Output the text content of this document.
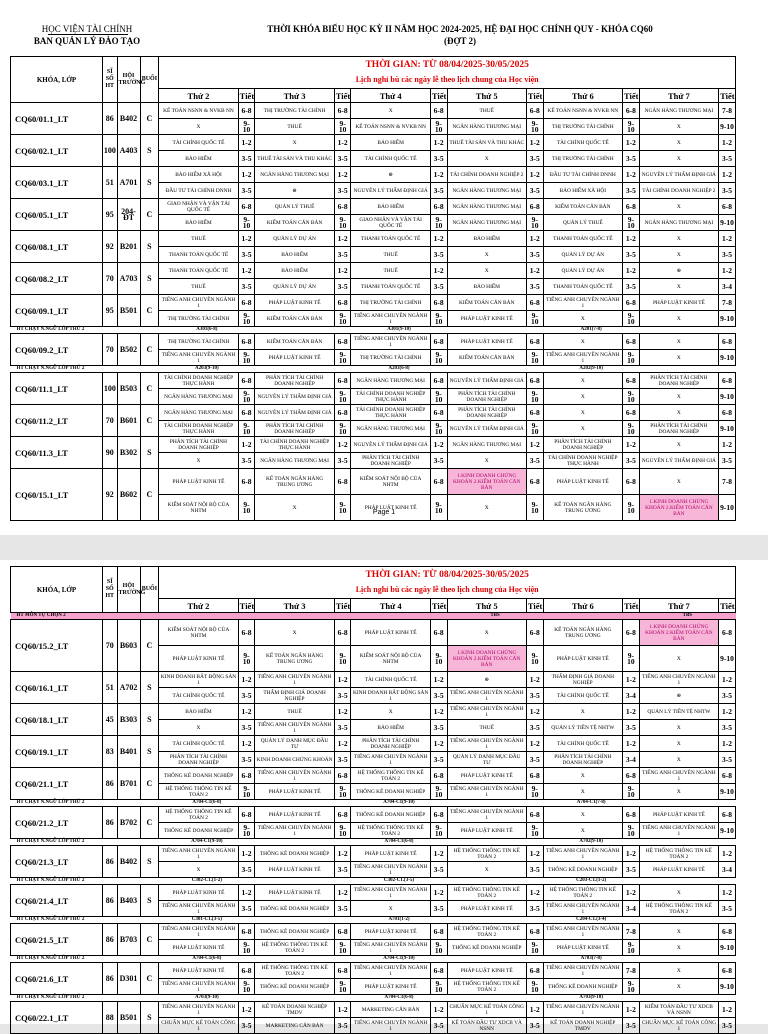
HỌC VIỆN TÀI CHÍNH
BAN QUẢN LÝ ĐÀO TẠO
THỜI KHÓA BIỂU HỌC KỲ II NĂM HỌC 2024-2025, HỆ ĐẠI HỌC CHÍNH QUY - KHÓA CQ60
(ĐỢT 2)
KHÓA, LỚP	SĨ SỐ HT	HỘI TRƯỜNG	BUỔI	THỜI GIAN: TỪ 08/04/2025-30/05/2025											
				Lịch nghỉ bù các ngày lễ theo lịch chung của Học viện											
				Thứ 2	Tiết	Thứ 3	Tiết	Thứ 4	Tiết	Thứ 5	Tiết	Thứ 6	Tiết	Thứ 7	Tiết
CQ60/01.1_LT	86	B402	C	KẾ TOÁN NSNN & NVKB NN	6-8	THỊ TRƯỜNG TÀI CHÍNH	6-8	X	6-8	THUẾ	6-8	KẾ TOÁN NSNN & NVKB NN	6-8	NGÂN HÀNG THƯƠNG MẠI	7-8
				X	9-10	THUẾ	9-10	KẾ TOÁN NSNN & NVKB NN	9-10	NGÂN HÀNG THƯƠNG MẠI	9-10	THỊ TRƯỜNG TÀI CHÍNH	9-10	X	9-10
CQ60/02.1_LT	100	A403	S	TÀI CHÍNH QUỐC TẾ	1-2	X	1-2	BẢO HIỂM	1-2	THUẾ TÀI SẢN VÀ THU KHÁC	1-2	TÀI CHÍNH QUỐC TẾ	1-2	X	1-2
				BẢO HIỂM	3-5	THUẾ TÀI SẢN VÀ THU KHÁC	3-5	TÀI CHÍNH QUỐC TẾ	3-5	X	3-5	THỊ TRƯỜNG TÀI CHÍNH	3-5	X	3-5
CQ60/03.1_LT	51	A701	S	BẢO HIỂM XÃ HỘI	1-2	NGÂN HÀNG THƯƠNG MẠI	1-2	⊛	1-2	TÀI CHÍNH DOANH NGHIỆP 2	1-2	ĐẦU TƯ TÀI CHÍNH DNNH	1-2	NGUYÊN LÝ THẨM ĐỊNH GIÁ	1-2
				ĐẦU TƯ TÀI CHÍNH DNNH	3-5	⊛	3-5	NGUYÊN LÝ THẨM ĐỊNH GIÁ	3-5	NGÂN HÀNG THƯƠNG MẠI	3-5	BẢO HIỂM XÃ HỘI	3-5	TÀI CHÍNH DOANH NGHIỆP 2	3-5
CQ60/05.1_LT	95	204-ĐT	C	GIAO NHẬN VÀ VẬN TẢI QUỐC TẾ	6-8	QUẢN LÝ THUẾ	6-8	BẢO HIỂM	6-8	NGÂN HÀNG THƯƠNG MẠI	6-8	KIỂM TOÁN CĂN BẢN	6-8	X	6-8
				BẢO HIỂM	9-10	KIỂM TOÁN CĂN BẢN	9-10	GIAO NHẬN VÀ VẬN TẢI QUỐC TẾ	9-10	NGÂN HÀNG THƯƠNG MẠI	9-10	QUẢN LÝ THUẾ	9-10	NGÂN HÀNG THƯƠNG MẠI	9-10
CQ60/08.1_LT	92	B201	S	THUẾ	1-2	QUẢN LÝ DỰ ÁN	1-2	THANH TOÁN QUỐC TẾ	1-2	BẢO HIỂM	1-2	THANH TOÁN QUỐC TẾ	1-2	X	1-2
				THANH TOÁN QUỐC TẾ	3-5	BẢO HIỂM	3-5	THUẾ	3-5	X	3-5	QUẢN LÝ DỰ ÁN	3-5	X	3-5
CQ60/08.2_LT	70	A703	S	THANH TOÁN QUỐC TẾ	1-2	BẢO HIỂM	1-2	THUẾ	1-2	X	1-2	QUẢN LÝ DỰ ÁN	1-2	⊛	1-2
				THUẾ	3-5	QUẢN LÝ DỰ ÁN	3-5	THANH TOÁN QUỐC TẾ	3-5	BẢO HIỂM	3-5	THANH TOÁN QUỐC TẾ	3-5	X	3-4
CQ60/09.1_LT	95	B501	C	TIẾNG ANH CHUYÊN NGÀNH 1	6-8	PHÁP LUẬT KINH TẾ	6-8	THỊ TRƯỜNG TÀI CHÍNH	6-8	KIỂM TOÁN CĂN BẢN	6-8	TIẾNG ANH CHUYÊN NGÀNH 1	6-8	PHÁP LUẬT KINH TẾ	7-8
				THỊ TRƯỜNG TÀI CHÍNH	9-10	KIỂM TOÁN CĂN BẢN	9-10	TIẾNG ANH CHUYÊN NGÀNH 1	9-10	PHÁP LUẬT KINH TẾ	9-10	X	9-10	X	9-10
HT CHẠY N.NGỮ LỚP THỨ 2				A301(6-8)				A301(9-10)				A201(7-8)			
CQ60/09.2_LT	70	B502	C	THỊ TRƯỜNG TÀI CHÍNH	6-8	KIỂM TOÁN CĂN BẢN	6-8	TIẾNG ANH CHUYÊN NGÀNH 1	6-8	PHÁP LUẬT KINH TẾ	6-8	X	6-8	X	6-8
				TIẾNG ANH CHUYÊN NGÀNH 1	9-10	PHÁP LUẬT KINH TẾ	9-10	THỊ TRƯỜNG TÀI CHÍNH	9-10	KIỂM TOÁN CĂN BẢN	9-10	TIẾNG ANH CHUYÊN NGÀNH 1	9-10	X	9-10
HT CHẠY N.NGỮ LỚP THỨ 2				A203(9-10)				A203(6-8)				A202(9-10)			
CQ60/11.1_LT	100	B503	C	TÀI CHÍNH DOANH NGHIỆP THỰC HÀNH	6-8	PHÂN TÍCH TÀI CHÍNH DOANH NGHIỆP	6-8	NGÂN HÀNG THƯƠNG MẠI	6-8	NGUYÊN LÝ THẨM ĐỊNH GIÁ	6-8	X	6-8	PHÂN TÍCH TÀI CHÍNH DOANH NGHIỆP	6-8
				NGÂN HÀNG THƯƠNG MẠI	9-10	NGUYÊN LÝ THẨM ĐỊNH GIÁ	9-10	TÀI CHÍNH DOANH NGHIỆP THỰC HÀNH	9-10	PHÂN TÍCH TÀI CHÍNH DOANH NGHIỆP	9-10	X	9-10	X	9-10
CQ60/11.2_LT	70	B601	C	NGÂN HÀNG THƯƠNG MẠI	6-8	NGUYÊN LÝ THẨM ĐỊNH GIÁ	6-8	TÀI CHÍNH DOANH NGHIỆP THỰC HÀNH	6-8	PHÂN TÍCH TÀI CHÍNH DOANH NGHIỆP	6-8	X	6-8	X	6-8
				TÀI CHÍNH DOANH NGHIỆP THỰC HÀNH	9-10	PHÂN TÍCH TÀI CHÍNH DOANH NGHIỆP	9-10	NGÂN HÀNG THƯƠNG MẠI	9-10	NGUYÊN LÝ THẨM ĐỊNH GIÁ	9-10	X	9-10	PHÂN TÍCH TÀI CHÍNH DOANH NGHIỆP	9-10
CQ60/11.3_LT	90	B302	S	PHÂN TÍCH TÀI CHÍNH DOANH NGHIỆP	1-2	TÀI CHÍNH DOANH NGHIỆP THỰC HÀNH	1-2	NGUYÊN LÝ THẨM ĐỊNH GIÁ	1-2	NGÂN HÀNG THƯƠNG MẠI	1-2	PHÂN TÍCH TÀI CHÍNH DOANH NGHIỆP	1-2	X	1-2
				X	3-5	NGÂN HÀNG THƯƠNG MẠI	3-5	PHÂN TÍCH TÀI CHÍNH DOANH NGHIỆP	3-5	X	3-5	TÀI CHÍNH DOANH NGHIỆP THỰC HÀNH	3-5	NGUYÊN LÝ THẨM ĐỊNH GIÁ	3-5
CQ60/15.1_LT	92	B602	C	PHÁP LUẬT KINH TẾ	6-8	KẾ TOÁN NGÂN HÀNG TRUNG ƯƠNG	6-8	KIỂM SOÁT NỘI BỘ CỦA NHTM	6-8	1.KINH DOANH CHỨNG KHOÁN 2.KIỂM TOÁN CĂN BẢN	6-8	PHÁP LUẬT KINH TẾ	6-8	X	7-8
				KIỂM SOÁT NỘI BỘ CỦA NHTM	9-10	X	9-10	PHÁP LUẬT KINH TẾ	9-10	X	9-10	KẾ TOÁN NGÂN HÀNG TRUNG ƯƠNG	9-10	1.KINH DOANH CHỨNG KHOÁN 2.KIỂM TOÁN CĂN BẢN	9-10
Page 1
KHÓA, LỚP	SĨ SỐ HT	HỘI TRƯỜNG	BUỔI	THỜI GIAN: TỪ 08/04/2025-30/05/2025											
				Lịch nghỉ bù các ngày lễ theo lịch chung của Học viện											
				Thứ 2	Tiết	Thứ 3	Tiết	Thứ 4	Tiết	Thứ 5	Tiết	Thứ 6	Tiết	Thứ 7	Tiết
HT MÔN TỰ CHỌN 2										TBS				TBS	
CQ60/15.2_LT	70	B603	C	KIỂM SOÁT NỘI BỘ CỦA NHTM	6-8	X	6-8	PHÁP LUẬT KINH TẾ	6-8	X	6-8	KẾ TOÁN NGÂN HÀNG TRUNG ƯƠNG	6-8	1.KINH DOANH CHỨNG KHOÁN 2.KIỂM TOÁN CĂN BẢN	6-8
				PHÁP LUẬT KINH TẾ	9-10	KẾ TOÁN NGÂN HÀNG TRUNG ƯƠNG	9-10	KIỂM SOÁT NỘI BỘ CỦA NHTM	9-10	1.KINH DOANH CHỨNG KHOÁN 2.KIỂM TOÁN CĂN BẢN	9-10	PHÁP LUẬT KINH TẾ	9-10	X	9-10
CQ60/16.1_LT	51	A702	S	KINH DOANH BẤT ĐỘNG SẢN 1	1-2	TIẾNG ANH CHUYÊN NGÀNH 1	1-2	TÀI CHÍNH QUỐC TẾ	1-2	⊛	1-2	THẨM ĐỊNH GIÁ DOANH NGHIỆP	1-2	TIẾNG ANH CHUYÊN NGÀNH 1	1-2
				TÀI CHÍNH QUỐC TẾ	3-5	THẨM ĐỊNH GIÁ DOANH NGHIỆP	3-5	KINH DOANH BẤT ĐỘNG SẢN 1	3-5	TIẾNG ANH CHUYÊN NGÀNH 1	3-5	TÀI CHÍNH QUỐC TẾ	3-4	⊛	3-5
CQ60/18.1_LT	45	B303	S	BẢO HIỂM	1-2	THUẾ	1-2	X	1-2	TIẾNG ANH CHUYÊN NGÀNH 1	1-2	X	1-2	QUẢN LÝ TIỀN TỆ NHTW	1-2
				X	3-5	TIẾNG ANH CHUYÊN NGÀNH 1	3-5	BẢO HIỂM	3-5	THUẾ	3-5	QUẢN LÝ TIỀN TỆ NHTW	3-5	X	3-5
CQ60/19.1_LT	83	B401	S	TÀI CHÍNH QUỐC TẾ	1-2	QUẢN LÝ DANH MỤC ĐẦU TƯ	1-2	PHÂN TÍCH TÀI CHÍNH DOANH NGHIỆP	1-2	TIẾNG ANH CHUYÊN NGÀNH 1	1-2	TÀI CHÍNH QUỐC TẾ	1-2	X	1-2
				PHÂN TÍCH TÀI CHÍNH DOANH NGHIỆP	3-5	KINH DOANH CHỨNG KHOÁN	3-5	TIẾNG ANH CHUYÊN NGÀNH 1	3-5	QUẢN LÝ DANH MỤC ĐẦU TƯ	3-5	PHÂN TÍCH TÀI CHÍNH DOANH NGHIỆP	3-4	X	3-5
CQ60/21.1_LT	86	B701	C	THỐNG KÊ DOANH NGHIỆP	6-8	TIẾNG ANH CHUYÊN NGÀNH 1	6-8	HỆ THỐNG THÔNG TIN KẾ TOÁN 2	6-8	PHÁP LUẬT KINH TẾ	6-8	X	6-8	TIẾNG ANH CHUYÊN NGÀNH 1	6-8
				HỆ THỐNG THÔNG TIN KẾ TOÁN 2	9-10	PHÁP LUẬT KINH TẾ	9-10	THỐNG KÊ DOANH NGHIỆP	9-10	TIẾNG ANH CHUYÊN NGÀNH 1	9-10	X	9-10	X	9-10
HT CHẠY N.NGỮ LỚP THỨ 2				A704-C1(6-8)				A704-C1(9-10)				A704-C1(7-8)			
CQ60/21.2_LT	86	B702	C	HỆ THỐNG THÔNG TIN KẾ TOÁN 2	6-8	PHÁP LUẬT KINH TẾ	6-8	THỐNG KÊ DOANH NGHIỆP	6-8	TIẾNG ANH CHUYÊN NGÀNH 1	6-8	X	6-8	PHÁP LUẬT KINH TẾ	6-8
				THỐNG KÊ DOANH NGHIỆP	9-10	TIẾNG ANH CHUYÊN NGÀNH 1	9-10	HỆ THỐNG THÔNG TIN KẾ TOÁN 2	9-10	PHÁP LUẬT KINH TẾ	9-10	X	9-10	TIẾNG ANH CHUYÊN NGÀNH 1	9-10
HT CHẠY N.NGỮ LỚP THỨ 2				A704-C1(9-10)				A704-C1(6-8)				A702(9-10)			
CQ60/21.3_LT	86	B402	S	TIẾNG ANH CHUYÊN NGÀNH 1	1-2	THỐNG KÊ DOANH NGHIỆP	1-2	PHÁP LUẬT KINH TẾ	1-2	HỆ THỐNG THÔNG TIN KẾ TOÁN 2	1-2	TIẾNG ANH CHUYÊN NGÀNH 1	1-2	HỆ THỐNG THÔNG TIN KẾ TOÁN 2	1-2
				X	3-5	PHÁP LUẬT KINH TẾ	3-5	TIẾNG ANH CHUYÊN NGÀNH 1	3-5	X	3-5	THỐNG KÊ DOANH NGHIỆP	3-5	PHÁP LUẬT KINH TẾ	3-4
HT CHẠY N.NGỮ LỚP THỨ 2				C302-C1.(1-2)				C302-C1.(3-5)				C203-C1.(1-2)			
CQ60/21.4_LT	86	B403	S	PHÁP LUẬT KINH TẾ	1-2	PHÁP LUẬT KINH TẾ	1-2	TIẾNG ANH CHUYÊN NGÀNH 1	1-2	HỆ THỐNG THÔNG TIN KẾ TOÁN 2	1-2	HỆ THỐNG THÔNG TIN KẾ TOÁN 2	1-2	X	1-2
				TIẾNG ANH CHUYÊN NGÀNH 1	3-5	THỐNG KÊ DOANH NGHIỆP	3-5	X	3-5	PHÁP LUẬT KINH TẾ	3-5	TIẾNG ANH CHUYÊN NGÀNH 1	3-4	HỆ THỐNG THÔNG TIN KẾ TOÁN 2	3-5
HT CHẠY N.NGỮ LỚP THỨ 2				C301-C1.(3-5)				A701(1-2)				C204-C1.(3-4)			
CQ60/21.5_LT	86	B703	C	TIẾNG ANH CHUYÊN NGÀNH 1	6-8	THỐNG KÊ DOANH NGHIỆP	6-8	PHÁP LUẬT KINH TẾ	6-8	HỆ THỐNG THÔNG TIN KẾ TOÁN 2	6-8	TIẾNG ANH CHUYÊN NGÀNH 1	7-8	X	6-8
				PHÁP LUẬT KINH TẾ	9-10	HỆ THỐNG THÔNG TIN KẾ TOÁN 2	9-10	TIẾNG ANH CHUYÊN NGÀNH 1	9-10	THỐNG KÊ DOANH NGHIỆP	9-10	PHÁP LUẬT KINH TẾ	9-10	X	9-10
HT CHẠY N.NGỮ LỚP THỨ 2				A704-C1(6-8)				A704-C1(9-10)				A703(7-8)			
CQ60/21.6_LT	86	D301	C	PHÁP LUẬT KINH TẾ	6-8	HỆ THỐNG THÔNG TIN KẾ TOÁN 2	6-8	TIẾNG ANH CHUYÊN NGÀNH 1	6-8	PHÁP LUẬT KINH TẾ	6-8	TIẾNG ANH CHUYÊN NGÀNH 1	7-8	X	6-8
				TIẾNG ANH CHUYÊN NGÀNH 1	9-10	THỐNG KÊ DOANH NGHIỆP	9-10	PHÁP LUẬT KINH TẾ	9-10	HỆ THỐNG THÔNG TIN KẾ TOÁN 2	9-10	THỐNG KÊ DOANH NGHIỆP	9-10	X	9-10
HT CHẠY N.NGỮ LỚP THỨ 2				A703(9-10)				A704-C1(6-8)				A703(9-10)			
CQ60/22.1_LT	88	B501	S	TIẾNG ANH CHUYÊN NGÀNH 1	1-2	KẾ TOÁN DOANH NGHIỆP TMDV	1-2	MARKETING CĂN BẢN	1-2	CHUẨN MỰC KẾ TOÁN CÔNG 1	1-2	TIẾNG ANH CHUYÊN NGÀNH 1	1-2	KIỂM TOÁN ĐẦU TƯ XDCB VÀ NSNN	1-2
				CHUẨN MỰC KẾ TOÁN CÔNG 1	3-5	MARKETING CĂN BẢN	3-5	TIẾNG ANH CHUYÊN NGÀNH 1	3-5	KẾ TOÁN ĐẦU TƯ XDCB VÀ NSNN	3-5	KẾ TOÁN DOANH NGHIỆP TMDV	3-5	CHUẨN MỰC KẾ TOÁN CÔNG 1	3-5
